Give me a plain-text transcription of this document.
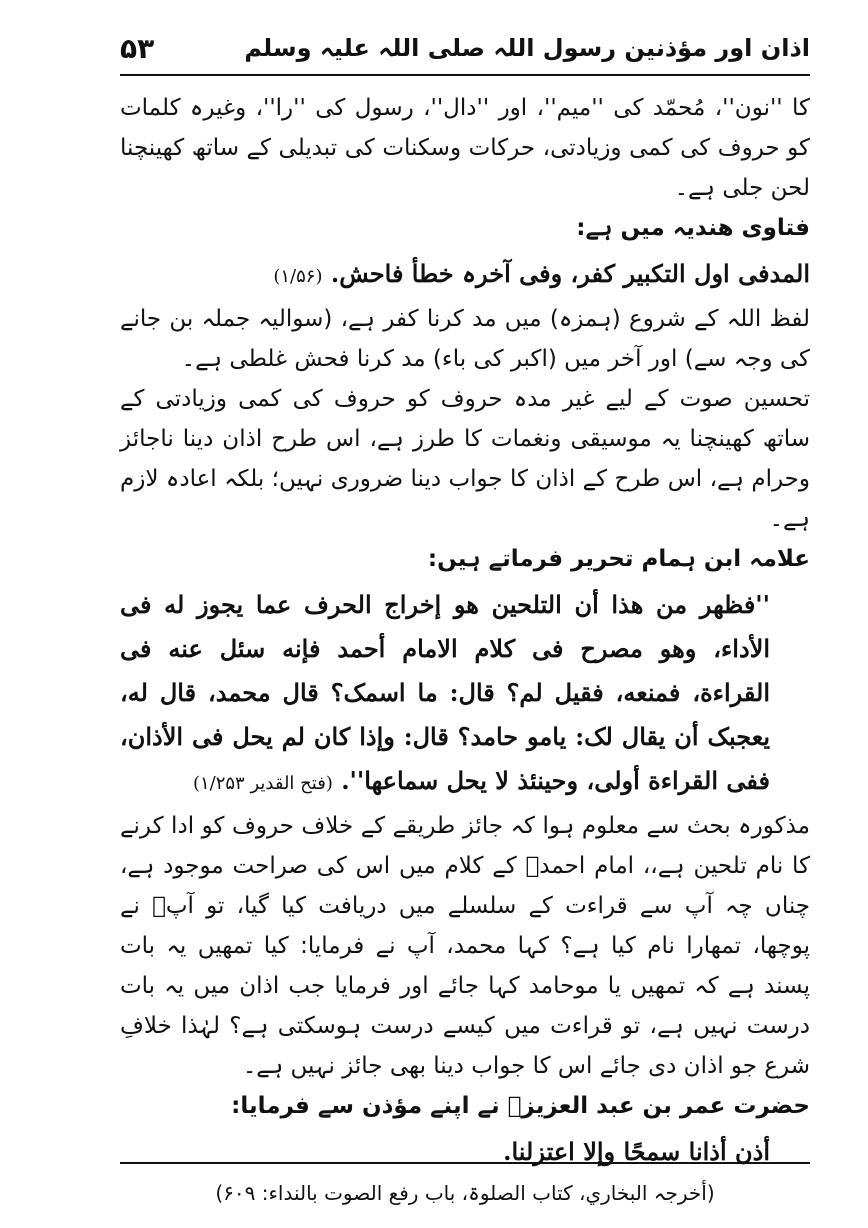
اذان اور مؤذنین رسول اللہ صلی اللہ علیہ وسلم
۵۳

کا ''نون''، مُحمّد کی ''میم''، اور ''دال''، رسول کی ''را''، وغیرہ کلمات کو حروف کی کمی وزیادتی، حرکات وسکنات کی تبدیلی کے ساتھ کھینچنا لحن جلی ہے۔

فتاوی ھندیہ میں ہے:

المدفی اول التکبیر کفر، وفی آخرہ خطأ فاحش. (۱/۵۶)

لفظ اللہ کے شروع (ہمزہ) میں مد کرنا کفر ہے، (سوالیہ جملہ بن جانے کی وجہ سے) اور آخر میں (اکبر کی باء) مد کرنا فحش غلطی ہے۔

تحسین صوت کے لیے غیر مدہ حروف کو حروف کی کمی وزیادتی کے ساتھ کھینچنا یہ موسیقی ونغمات کا طرز ہے، اس طرح اذان دینا ناجائز وحرام ہے، اس طرح کے اذان کا جواب دینا ضروری نہیں؛ بلکہ اعادہ لازم ہے۔

علامہ ابن ہمام تحریر فرماتے ہیں:

''فظھر من ھذا أن التلحین ھو إخراج الحرف عما یجوز له فی الأداء، وھو مصرح فی کلام الامام أحمد فإنه سئل عنه فی القراءة، فمنعه، فقیل لم؟ قال: ما اسمک؟ قال محمد، قال له، یعجبک أن یقال لک: یامو حامد؟ قال: وإذا کان لم یحل فی الأذان، ففی القراءة أولی، وحینئذ لا یحل سماعھا''. (فتح القدیر ۱/۲۵۳)

مذکورہ بحث سے معلوم ہوا کہ جائز طریقے کے خلاف حروف کو ادا کرنے کا نام تلحین ہے،، امام احمدؒ کے کلام میں اس کی صراحت موجود ہے، چناں چہ آپ سے قراءت کے سلسلے میں دریافت کیا گیا، تو آپؒ نے پوچھا، تمھارا نام کیا ہے؟ کہا محمد، آپ نے فرمایا: کیا تمھیں یہ بات پسند ہے کہ تمھیں یا موحامد کہا جائے اور فرمایا جب اذان میں یہ بات درست نہیں ہے، تو قراءت میں کیسے درست ہوسکتی ہے؟ لہٰذا خلافِ شرع جو اذان دی جائے اس کا جواب دینا بھی جائز نہیں ہے۔

حضرت عمر بن عبد العزیزؒ نے اپنے مؤذن سے فرمایا:

أذن أذانا سمحًا وإلا اعتزلنا.

(أخرجہ البخاري، کتاب الصلوۃ، باب رفع الصوت بالنداء: ۶۰۹)
